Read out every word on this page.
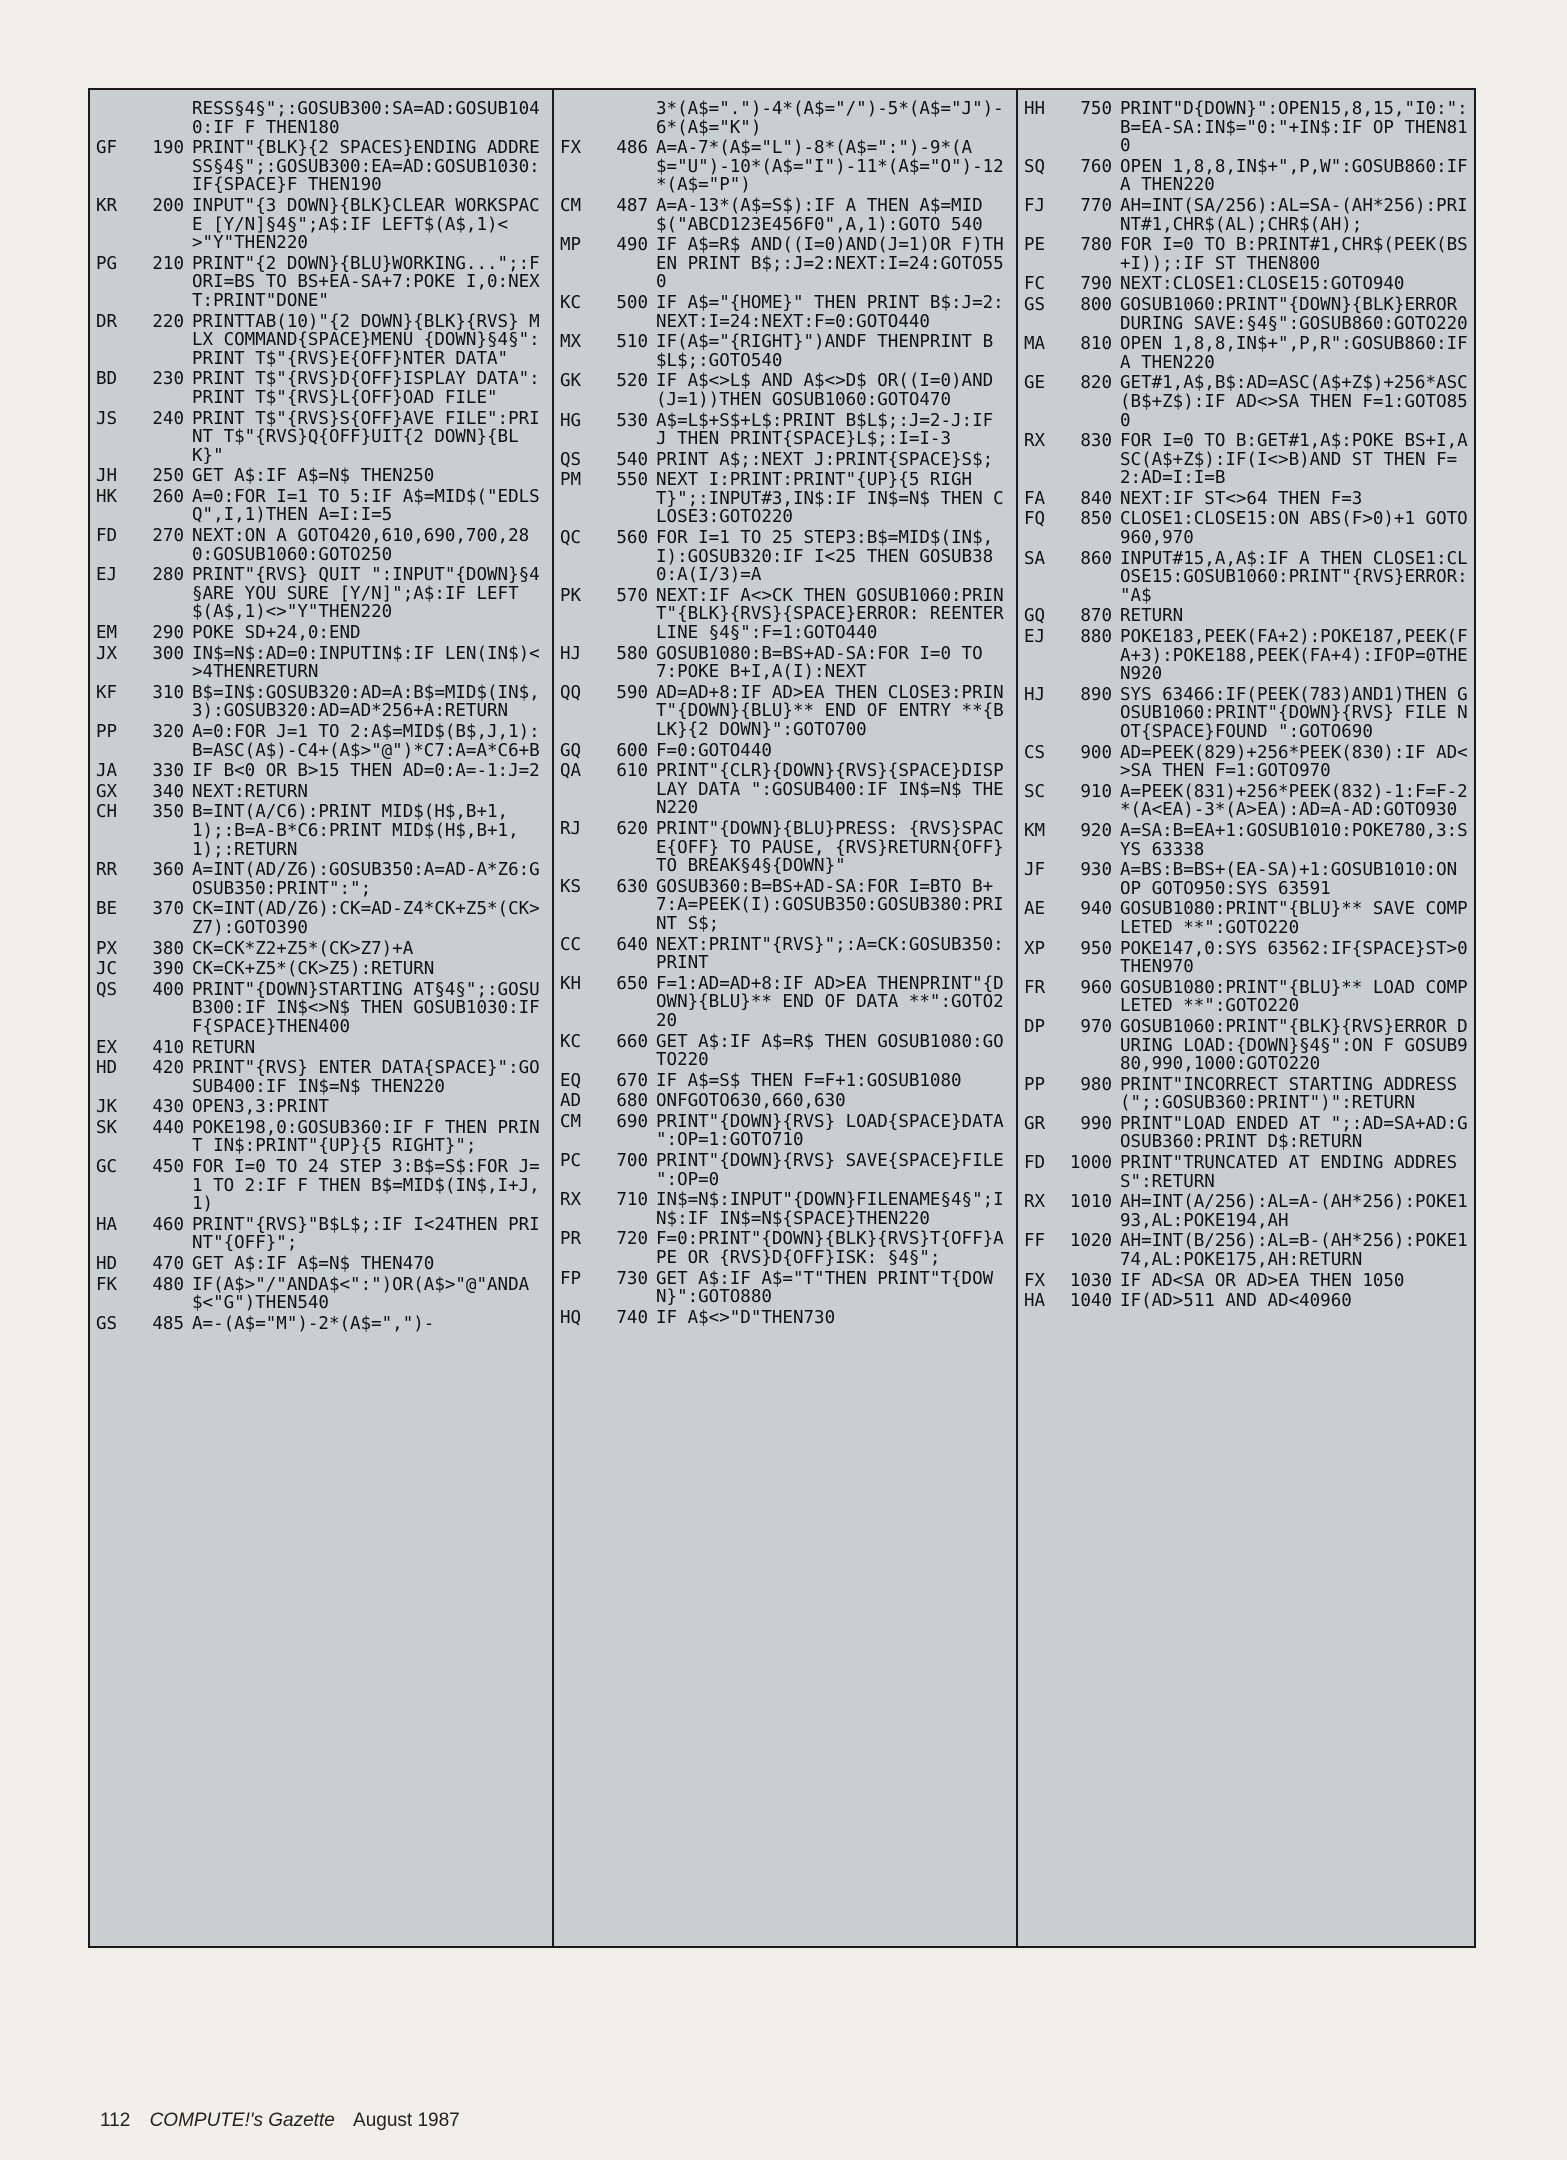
RESS§4§";:GOSUB300:SA=AD:GOSUB1040:IF F THEN180
GF	190 PRINT"{BLK}{2 SPACES}ENDING ADDRESS§4§";:GOSUB300:EA=AD:GOSUB1030:IF{SPACE}F THEN190
KR	200 INPUT"{3 DOWN}{BLK}CLEAR WORKSPACE [Y/N]§4§";A$:IF LEFT$(A$,1)<>"Y"THEN220
PG	210 PRINT"{2 DOWN}{BLU}WORKING...";:FORI=BS TO BS+EA-SA+7:POKE I,0:NEXT:PRINT"DONE"
DR	220 PRINTTAB(10)"{2 DOWN}{BLK}{RVS} MLX COMMAND{SPACE}MENU {DOWN}§4§":PRINT T$"{RVS}E{OFF}NTER DATA"
BD	230 PRINT T$"{RVS}D{OFF}ISPLAY DATA":PRINT T$"{RVS}L{OFF}OAD FILE"
JS	240 PRINT T$"{RVS}S{OFF}AVE FILE":PRINT T$"{RVS}Q{OFF}UIT{2 DOWN}{BLK}"
JH	250 GET A$:IF A$=N$ THEN250
HK	260 A=0:FOR I=1 TO 5:IF A$=MID$("EDLSQ",I,1)THEN A=I:I=5
FD	270 NEXT:ON A GOTO420,610,690,700,280:GOSUB1060:GOTO250
EJ	280 PRINT"{RVS} QUIT ":INPUT"{DOWN}§4§ARE YOU SURE [Y/N]";A$:IF LEFT$(A$,1)<>"Y"THEN220
EM	290 POKE SD+24,0:END
JX	300 IN$=N$:AD=0:INPUTIN$:IF LEN(IN$)<>4THENRETURN
KF	310 B$=IN$:GOSUB320:AD=A:B$=MID$(IN$,3):GOSUB320:AD=AD*256+A:RETURN
PP	320 A=0:FOR J=1 TO 2:A$=MID$(B$,J,1):B=ASC(A$)-C4+(A$>"@")*C7:A=A*C6+B
JA	330 IF B<0 OR B>15 THEN AD=0:A=-1:J=2
GX	340 NEXT:RETURN
CH	350 B=INT(A/C6):PRINT MID$(H$,B+1,1);:B=A-B*C6:PRINT MID$(H$,B+1,1);:RETURN
RR	360 A=INT(AD/Z6):GOSUB350:A=AD-A*Z6:GOSUB350:PRINT":";
BE	370 CK=INT(AD/Z6):CK=AD-Z4*CK+Z5*(CK>Z7):GOTO390
PX	380 CK=CK*Z2+Z5*(CK>Z7)+A
JC	390 CK=CK+Z5*(CK>Z5):RETURN
QS	400 PRINT"{DOWN}STARTING AT§4§";:GOSUB300:IF IN$<>N$ THEN GOSUB1030:IF F{SPACE}THEN400
EX	410 RETURN
HD	420 PRINT"{RVS} ENTER DATA{SPACE}":GOSUB400:IF IN$=N$ THEN220
JK	430 OPEN3,3:PRINT
SK	440 POKE198,0:GOSUB360:IF F THEN PRINT IN$:PRINT"{UP}{5 RIGHT}";
GC	450 FOR I=0 TO 24 STEP 3:B$=S$:FOR J=1 TO 2:IF F THEN B$=MID$(IN$,I+J,1)
HA	460 PRINT"{RVS}"B$L$;:IF I<24THEN PRINT"{OFF}";
HD	470 GET A$:IF A$=N$ THEN470
FK	480 IF(A$>"/"ANDA$<":")OR(A$>"@"ANDA$<"G")THEN540
GS	485 A=-(A$="M")-2*(A$=",")-
3*(A$=".")-4*(A$="/")-5*(A$="J")-6*(A$="K")
FX	486 A=A-7*(A$="L")-8*(A$=":")-9*(A$="U")-10*(A$="I")-11*(A$="O")-12*(A$="P")
CM	487 A=A-13*(A$=S$):IF A THEN A$=MID$("ABCD123E456F0",A,1):GOTO 540
MP	490 IF A$=R$ AND((I=0)AND(J=1)OR F)THEN PRINT B$;:J=2:NEXT:I=24:GOTO550
KC	500 IF A$="{HOME}" THEN PRINT B$:J=2:NEXT:I=24:NEXT:F=0:GOTO440
MX	510 IF(A$="{RIGHT}")ANDF THENPRINT B$L$;:GOTO540
GK	520 IF A$<>L$ AND A$<>D$ OR((I=0)AND(J=1))THEN GOSUB1060:GOTO470
HG	530 A$=L$+S$+L$:PRINT B$L$;:J=2-J:IF J THEN PRINT{SPACE}L$;:I=I-3
QS	540 PRINT A$;:NEXT J:PRINT{SPACE}S$;
PM	550 NEXT I:PRINT:PRINT"{UP}{5 RIGHT}";:INPUT#3,IN$:IF IN$=N$ THEN CLOSE3:GOTO220
QC	560 FOR I=1 TO 25 STEP3:B$=MID$(IN$,I):GOSUB320:IF I<25 THEN GOSUB380:A(I/3)=A
PK	570 NEXT:IF A<>CK THEN GOSUB1060:PRINT"{BLK}{RVS}{SPACE}ERROR: REENTER LINE §4§":F=1:GOTO440
HJ	580 GOSUB1080:B=BS+AD-SA:FOR I=0 TO 7:POKE B+I,A(I):NEXT
QQ	590 AD=AD+8:IF AD>EA THEN CLOSE3:PRINT"{DOWN}{BLU}** END OF ENTRY **{BLK}{2 DOWN}":GOTO700
GQ	600 F=0:GOTO440
QA	610 PRINT"{CLR}{DOWN}{RVS}{SPACE}DISPLAY DATA ":GOSUB400:IF IN$=N$ THEN220
RJ	620 PRINT"{DOWN}{BLU}PRESS: {RVS}SPACE{OFF} TO PAUSE, {RVS}RETURN{OFF} TO BREAK§4§{DOWN}"
KS	630 GOSUB360:B=BS+AD-SA:FOR I=BTO B+7:A=PEEK(I):GOSUB350:GOSUB380:PRINT S$;
CC	640 NEXT:PRINT"{RVS}";:A=CK:GOSUB350:PRINT
KH	650 F=1:AD=AD+8:IF AD>EA THENPRINT"{DOWN}{BLU}** END OF DATA **":GOTO220
KC	660 GET A$:IF A$=R$ THEN GOSUB1080:GOTO220
EQ	670 IF A$=S$ THEN F=F+1:GOSUB1080
AD	680 ONFGOTO630,660,630
CM	690 PRINT"{DOWN}{RVS} LOAD{SPACE}DATA ":OP=1:GOTO710
PC	700 PRINT"{DOWN}{RVS} SAVE{SPACE}FILE ":OP=0
RX	710 IN$=N$:INPUT"{DOWN}FILENAME§4§";IN$:IF IN$=N${SPACE}THEN220
PR	720 F=0:PRINT"{DOWN}{BLK}{RVS}T{OFF}APE OR {RVS}D{OFF}ISK: §4§";
FP	730 GET A$:IF A$="T"THEN PRINT"T{DOWN}":GOTO880
HQ	740 IF A$<>"D"THEN730
HH	750 PRINT"D{DOWN}":OPEN15,8,15,"I0:":B=EA-SA:IN$="0:"+IN$:IF OP THEN810
SQ	760 OPEN 1,8,8,IN$+",P,W":GOSUB860:IF A THEN220
FJ	770 AH=INT(SA/256):AL=SA-(AH*256):PRINT#1,CHR$(AL);CHR$(AH);
PE	780 FOR I=0 TO B:PRINT#1,CHR$(PEEK(BS+I));:IF ST THEN800
FC	790 NEXT:CLOSE1:CLOSE15:GOTO940
GS	800 GOSUB1060:PRINT"{DOWN}{BLK}ERROR DURING SAVE:§4§":GOSUB860:GOTO220
MA	810 OPEN 1,8,8,IN$+",P,R":GOSUB860:IF A THEN220
GE	820 GET#1,A$,B$:AD=ASC(A$+Z$)+256*ASC(B$+Z$):IF AD<>SA THEN F=1:GOTO850
RX	830 FOR I=0 TO B:GET#1,A$:POKE BS+I,ASC(A$+Z$):IF(I<>B)AND ST THEN F=2:AD=I:I=B
FA	840 NEXT:IF ST<>64 THEN F=3
FQ	850 CLOSE1:CLOSE15:ON ABS(F>0)+1 GOTO960,970
SA	860 INPUT#15,A,A$:IF A THEN CLOSE1:CLOSE15:GOSUB1060:PRINT"{RVS}ERROR: "A$
GQ	870 RETURN
EJ	880 POKE183,PEEK(FA+2):POKE187,PEEK(FA+3):POKE188,PEEK(FA+4):IFOP=0THEN920
HJ	890 SYS 63466:IF(PEEK(783)AND1)THEN GOSUB1060:PRINT"{DOWN}{RVS} FILE NOT{SPACE}FOUND ":GOTO690
CS	900 AD=PEEK(829)+256*PEEK(830):IF AD<>SA THEN F=1:GOTO970
SC	910 A=PEEK(831)+256*PEEK(832)-1:F=F-2*(A<EA)-3*(A>EA):AD=A-AD:GOTO930
KM	920 A=SA:B=EA+1:GOSUB1010:POKE780,3:SYS 63338
JF	930 A=BS:B=BS+(EA-SA)+1:GOSUB1010:ON OP GOTO950:SYS 63591
AE	940 GOSUB1080:PRINT"{BLU}** SAVE COMPLETED **":GOTO220
XP	950 POKE147,0:SYS 63562:IF{SPACE}ST>0 THEN970
FR	960 GOSUB1080:PRINT"{BLU}** LOAD COMPLETED **":GOTO220
DP	970 GOSUB1060:PRINT"{BLK}{RVS}ERROR DURING LOAD:{DOWN}§4§":ON F GOSUB980,990,1000:GOTO220
PP	980 PRINT"INCORRECT STARTING ADDRESS (";:GOSUB360:PRINT")":RETURN
GR	990 PRINT"LOAD ENDED AT ";:AD=SA+AD:GOSUB360:PRINT D$:RETURN
FD	1000 PRINT"TRUNCATED AT ENDING ADDRESS":RETURN
RX	1010 AH=INT(A/256):AL=A-(AH*256):POKE193,AL:POKE194,AH
FF	1020 AH=INT(B/256):AL=B-(AH*256):POKE174,AL:POKE175,AH:RETURN
FX	1030 IF AD<SA OR AD>EA THEN 1050
HA	1040 IF(AD>511 AND AD<40960
112 COMPUTE!'s Gazette August 1987
